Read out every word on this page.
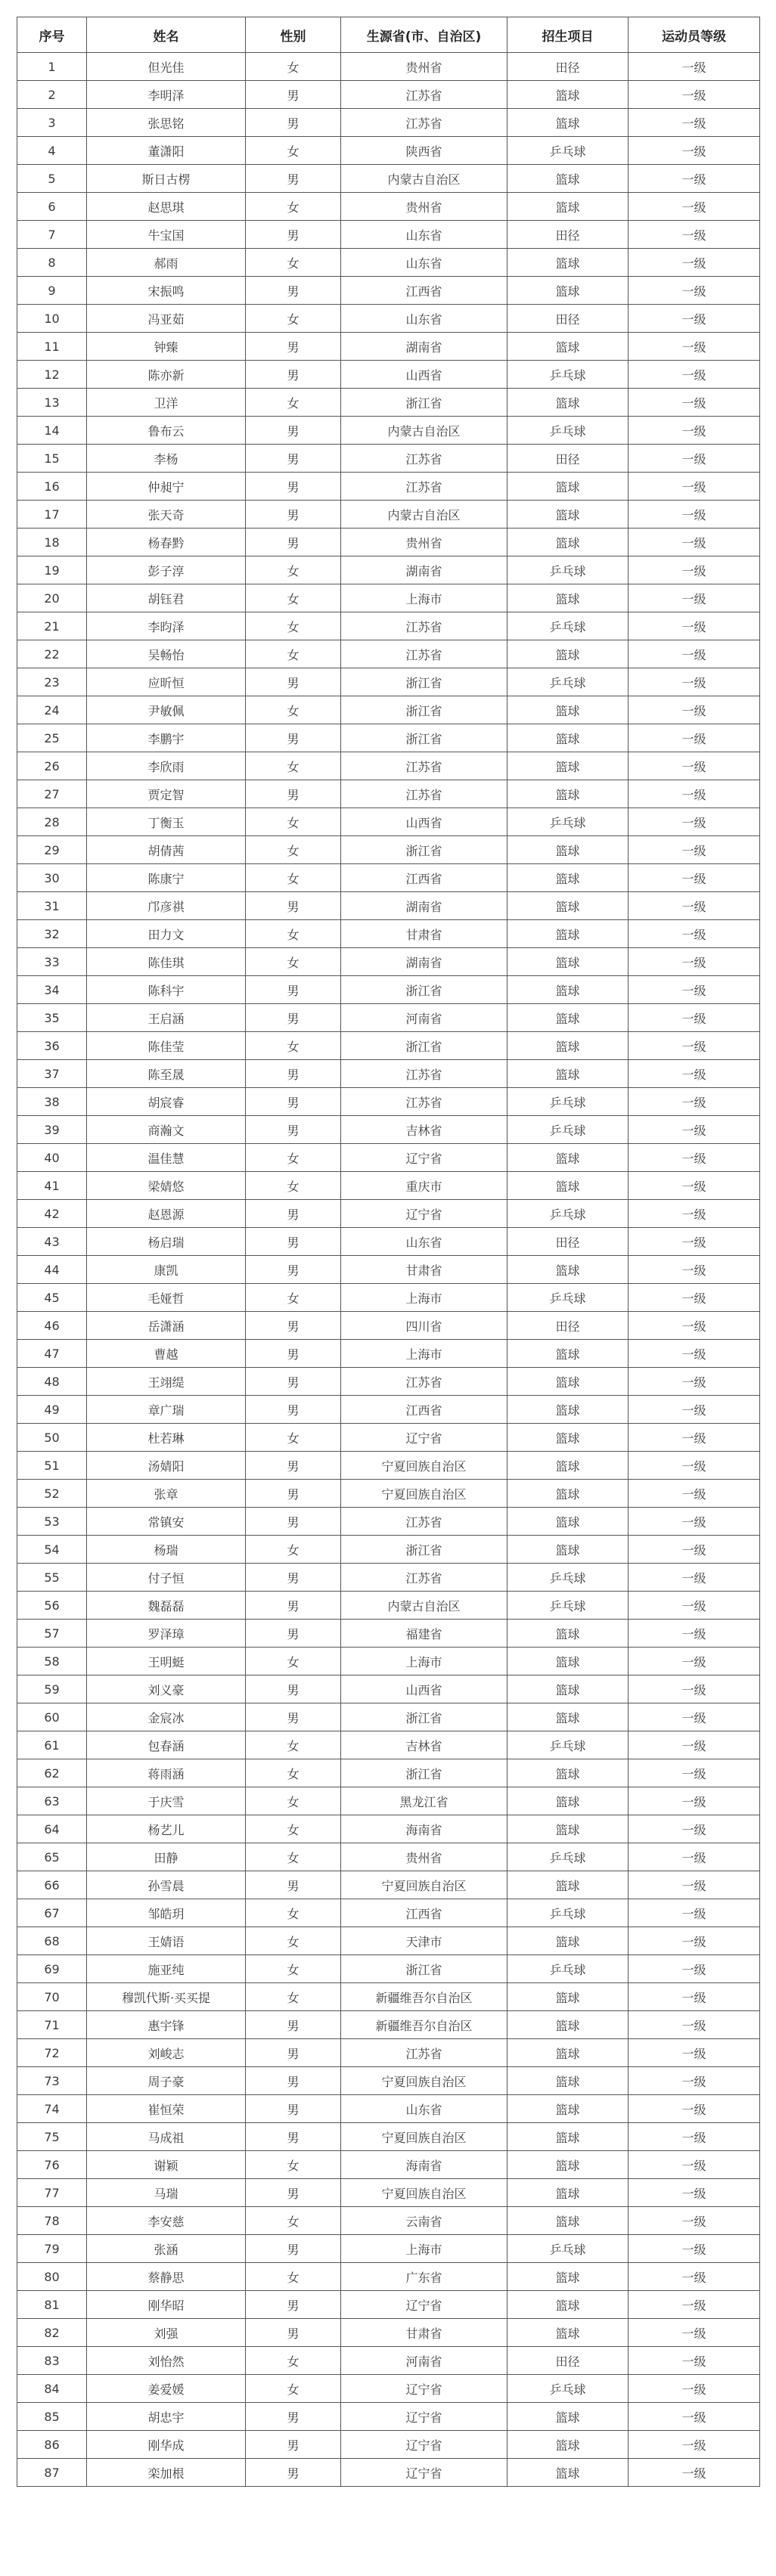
序号	姓名	性别	生源省(市、自治区)	招生项目	运动员等级
1	但光佳	女	贵州省	田径	一级
2	李明泽	男	江苏省	篮球	一级
3	张思铭	男	江苏省	篮球	一级
4	董潇阳	女	陕西省	乒乓球	一级
5	斯日古楞	男	内蒙古自治区	篮球	一级
6	赵思琪	女	贵州省	篮球	一级
7	牛宝国	男	山东省	田径	一级
8	郝雨	女	山东省	篮球	一级
9	宋振鸣	男	江西省	篮球	一级
10	冯亚茹	女	山东省	田径	一级
11	钟臻	男	湖南省	篮球	一级
12	陈亦新	男	山西省	乒乓球	一级
13	卫洋	女	浙江省	篮球	一级
14	鲁布云	男	内蒙古自治区	乒乓球	一级
15	李杨	男	江苏省	田径	一级
16	仲昶宁	男	江苏省	篮球	一级
17	张天奇	男	内蒙古自治区	篮球	一级
18	杨春黔	男	贵州省	篮球	一级
19	彭子淳	女	湖南省	乒乓球	一级
20	胡钰君	女	上海市	篮球	一级
21	李昀泽	女	江苏省	乒乓球	一级
22	吴畅怡	女	江苏省	篮球	一级
23	应昕恒	男	浙江省	乒乓球	一级
24	尹敏佩	女	浙江省	篮球	一级
25	李鹏宇	男	浙江省	篮球	一级
26	李欣雨	女	江苏省	篮球	一级
27	贾定智	男	江苏省	篮球	一级
28	丁衡玉	女	山西省	乒乓球	一级
29	胡倩茜	女	浙江省	篮球	一级
30	陈康宁	女	江西省	篮球	一级
31	邝彦祺	男	湖南省	篮球	一级
32	田力文	女	甘肃省	篮球	一级
33	陈佳琪	女	湖南省	篮球	一级
34	陈科宇	男	浙江省	篮球	一级
35	王启涵	男	河南省	篮球	一级
36	陈佳莹	女	浙江省	篮球	一级
37	陈至晟	男	江苏省	篮球	一级
38	胡宸睿	男	江苏省	乒乓球	一级
39	商瀚文	男	吉林省	乒乓球	一级
40	温佳慧	女	辽宁省	篮球	一级
41	梁婧悠	女	重庆市	篮球	一级
42	赵恩源	男	辽宁省	乒乓球	一级
43	杨启瑞	男	山东省	田径	一级
44	康凯	男	甘肃省	篮球	一级
45	毛娅哲	女	上海市	乒乓球	一级
46	岳潇涵	男	四川省	田径	一级
47	曹越	男	上海市	篮球	一级
48	王翊缇	男	江苏省	篮球	一级
49	章广瑞	男	江西省	篮球	一级
50	杜若琳	女	辽宁省	篮球	一级
51	汤婧阳	男	宁夏回族自治区	篮球	一级
52	张章	男	宁夏回族自治区	篮球	一级
53	常镇安	男	江苏省	篮球	一级
54	杨瑞	女	浙江省	篮球	一级
55	付子恒	男	江苏省	乒乓球	一级
56	魏磊磊	男	内蒙古自治区	乒乓球	一级
57	罗泽璋	男	福建省	篮球	一级
58	王明蜓	女	上海市	篮球	一级
59	刘义豪	男	山西省	篮球	一级
60	金宸冰	男	浙江省	篮球	一级
61	包春涵	女	吉林省	乒乓球	一级
62	蒋雨涵	女	浙江省	篮球	一级
63	于庆雪	女	黑龙江省	篮球	一级
64	杨艺儿	女	海南省	篮球	一级
65	田静	女	贵州省	乒乓球	一级
66	孙雪晨	男	宁夏回族自治区	篮球	一级
67	邹皓玥	女	江西省	乒乓球	一级
68	王婧语	女	天津市	篮球	一级
69	施亚纯	女	浙江省	乒乓球	一级
70	穆凯代斯·买买提	女	新疆维吾尔自治区	篮球	一级
71	惠宇锋	男	新疆维吾尔自治区	篮球	一级
72	刘峻志	男	江苏省	篮球	一级
73	周子豪	男	宁夏回族自治区	篮球	一级
74	崔恒荣	男	山东省	篮球	一级
75	马成祖	男	宁夏回族自治区	篮球	一级
76	谢颖	女	海南省	篮球	一级
77	马瑞	男	宁夏回族自治区	篮球	一级
78	李安慈	女	云南省	篮球	一级
79	张涵	男	上海市	乒乓球	一级
80	蔡静思	女	广东省	篮球	一级
81	刚华昭	男	辽宁省	篮球	一级
82	刘强	男	甘肃省	篮球	一级
83	刘怡然	女	河南省	田径	一级
84	姜爱媛	女	辽宁省	乒乓球	一级
85	胡忠宇	男	辽宁省	篮球	一级
86	刚华成	男	辽宁省	篮球	一级
87	栾加根	男	辽宁省	篮球	一级
